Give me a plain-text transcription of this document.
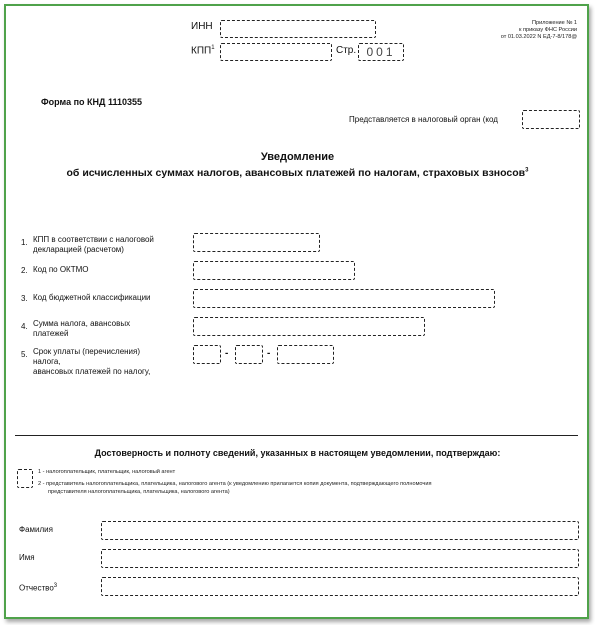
ИНН
КПП$^1$	Стр. 001
Приложение № 1
к приказу ФНС России
от 01.03.2022 N ЕД-7-8/178@
Форма по КНД 1110355
Представляется в налоговый орган (код
Уведомление
об исчисленных суммах налогов, авансовых платежей по налогам, страховых взносов$^3$
1. КПП в соответствии с налоговой
декларацией (расчетом)
2. Код по ОКТМО
3. Код бюджетной классификации
4. Сумма налога, авансовых
платежей
5. Срок уплаты (перечисления)
налога,
авансовых платежей по налогу,
-	-
Достоверность и полноту сведений, указанных в настоящем уведомлении, подтверждаю:
1 - налогоплательщик, плательщик, налоговый агент
2 - представитель налогоплательщика, плательщика, налогового агента (к уведомлению прилагается копия документа, подтверждающего полномочия
представителя налогоплательщика, плательщика, налогового агента)
Фамилия
Имя
Отчество$^3$
